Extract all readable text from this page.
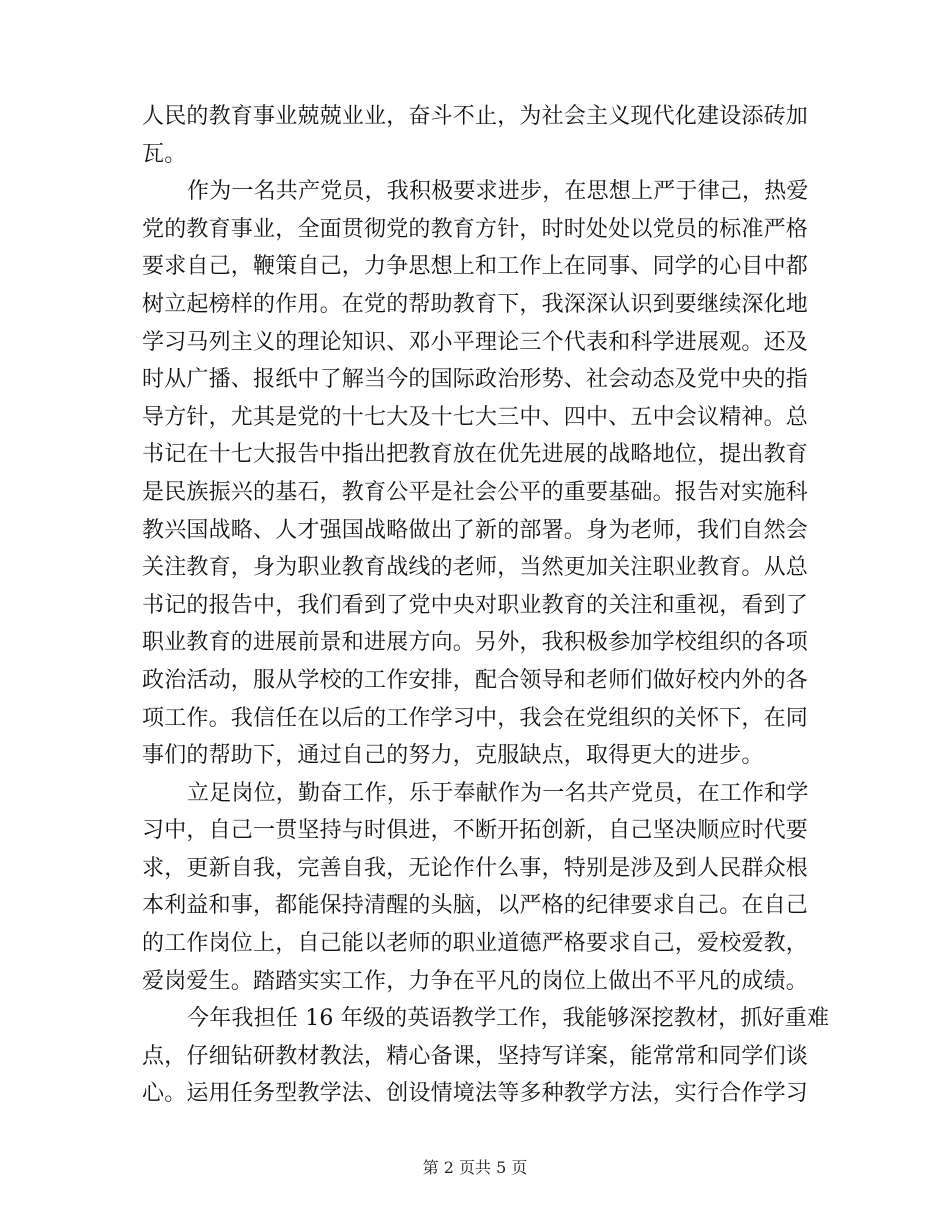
人民的教育事业兢兢业业，奋斗不止，为社会主义现代化建设添砖加
瓦。
作为一名共产党员，我积极要求进步，在思想上严于律己，热爱
党的教育事业，全面贯彻党的教育方针，时时处处以党员的标准严格
要求自己，鞭策自己，力争思想上和工作上在同事、同学的心目中都
树立起榜样的作用。在党的帮助教育下，我深深认识到要继续深化地
学习马列主义的理论知识、邓小平理论三个代表和科学进展观。还及
时从广播、报纸中了解当今的国际政治形势、社会动态及党中央的指
导方针，尤其是党的十七大及十七大三中、四中、五中会议精神。总
书记在十七大报告中指出把教育放在优先进展的战略地位，提出教育
是民族振兴的基石，教育公平是社会公平的重要基础。报告对实施科
教兴国战略、人才强国战略做出了新的部署。身为老师，我们自然会
关注教育，身为职业教育战线的老师，当然更加关注职业教育。从总
书记的报告中，我们看到了党中央对职业教育的关注和重视，看到了
职业教育的进展前景和进展方向。另外，我积极参加学校组织的各项
政治活动，服从学校的工作安排，配合领导和老师们做好校内外的各
项工作。我信任在以后的工作学习中，我会在党组织的关怀下，在同
事们的帮助下，通过自己的努力，克服缺点，取得更大的进步。
立足岗位，勤奋工作，乐于奉献作为一名共产党员，在工作和学
习中，自己一贯坚持与时俱进，不断开拓创新，自己坚决顺应时代要
求，更新自我，完善自我，无论作什么事，特别是涉及到人民群众根
本利益和事，都能保持清醒的头脑，以严格的纪律要求自己。在自己
的工作岗位上，自己能以老师的职业道德严格要求自己，爱校爱教，
爱岗爱生。踏踏实实工作，力争在平凡的岗位上做出不平凡的成绩。
今年我担任 16 年级的英语教学工作，我能够深挖教材，抓好重难
点，仔细钻研教材教法，精心备课，坚持写详案，能常常和同学们谈
心。运用任务型教学法、创设情境法等多种教学方法，实行合作学习
第 2 页共 5 页
